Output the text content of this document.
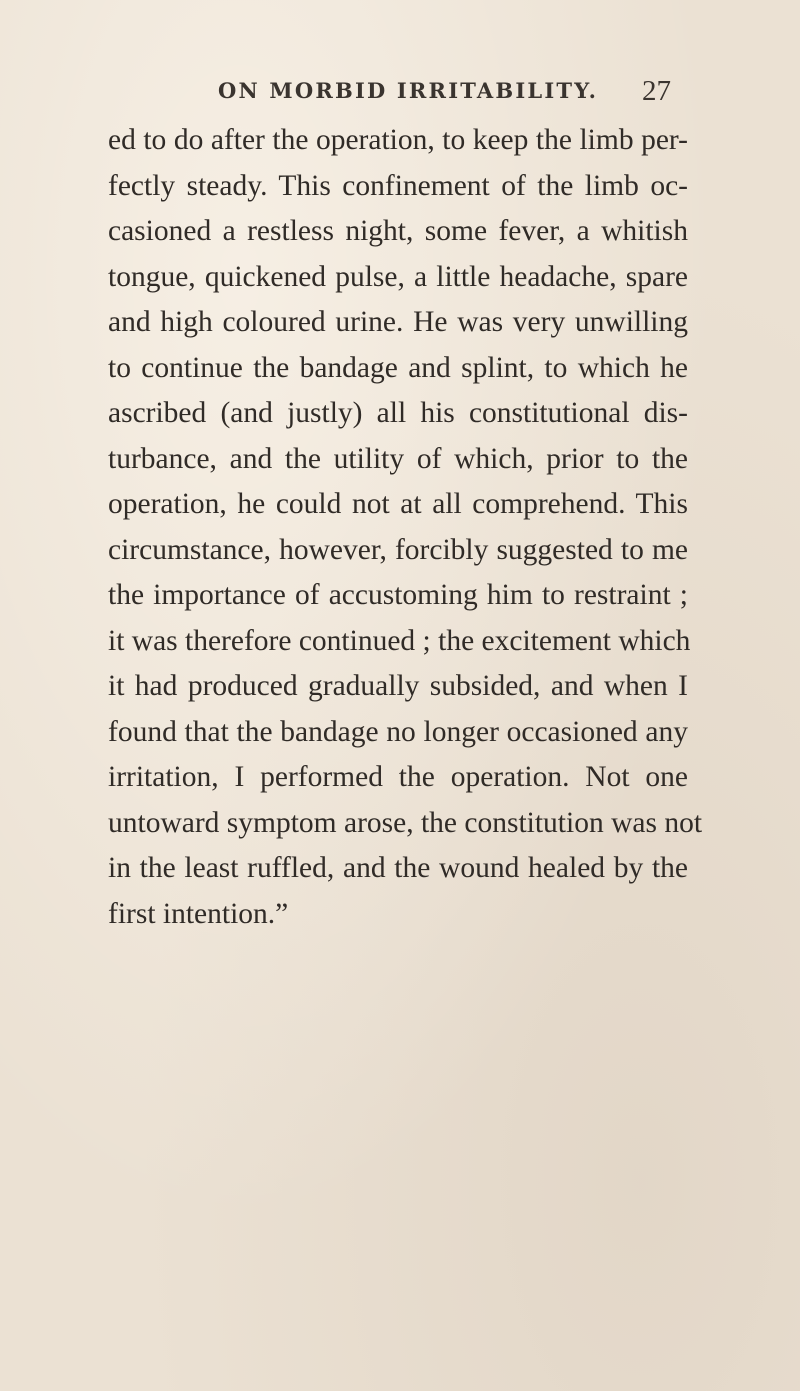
ON MORBID IRRITABILITY. 27
ed to do after the operation, to keep the limb per-
fectly steady. This confinement of the limb oc-
casioned a restless night, some fever, a whitish
tongue, quickened pulse, a little headache, spare
and high coloured urine. He was very unwilling
to continue the bandage and splint, to which he
ascribed (and justly) all his constitutional dis-
turbance, and the utility of which, prior to the
operation, he could not at all comprehend. This
circumstance, however, forcibly suggested to me
the importance of accustoming him to restraint ;
it was therefore continued ; the excitement which
it had produced gradually subsided, and when I
found that the bandage no longer occasioned any
irritation, I performed the operation. Not one
untoward symptom arose, the constitution was not
in the least ruffled, and the wound healed by the
first intention.”
